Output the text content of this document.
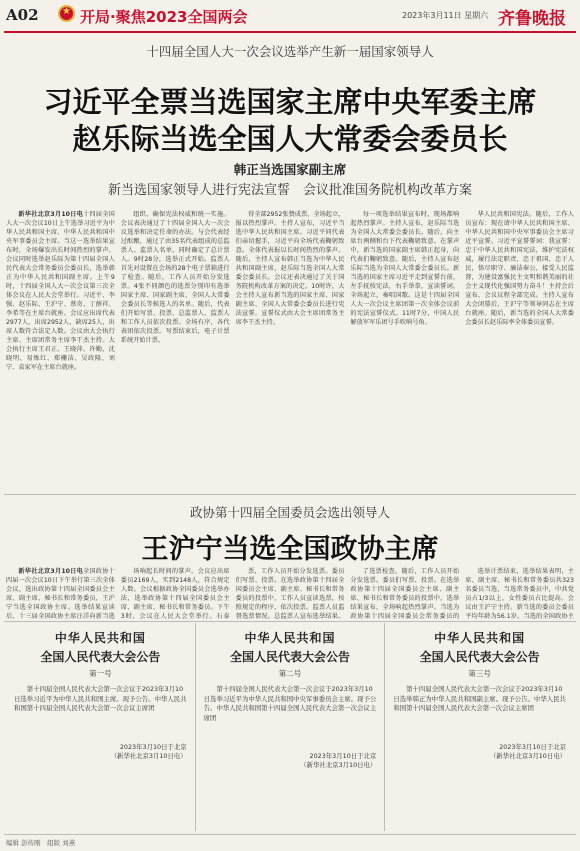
A02
★	开局·聚焦2023全国两会	2023年3月11日 星期六 齐鲁晚报
十四届全国人大一次会议选举产生新一届国家领导人
习近平全票当选国家主席中央军委主席
赵乐际当选全国人大常委会委员长
韩正当选国家副主席
新当选国家领导人进行宪法宣誓　会议批准国务院机构改革方案

新华社北京3月10日电十四届全国人大一次会议10日上午选举习近平为中华人民共和国主席、中华人民共和国中央军事委员会主席。当这一选举结果宣布时，全场爆发出长时间热烈的掌声。会议同时选举赵乐际为第十四届全国人民代表大会常务委员会委员长，选举韩正为中华人民共和国副主席。上午9时，十四届全国人大一次会议第三次全体会议在人民大会堂举行。习近平、李强、赵乐际、王沪宁、蔡奇、丁薛祥、李希等在主席台就座。会议应出席代表2977人，出席2952人，缺席25人，出席人数符合法定人数。会议由大会执行主席、主席团常务主席李干杰主持。大会执行主席王君正、王晓萍、许勤、沈晓明、易炼红、郑栅洁、吴政隆、刘宁、袁家军在主席台就座。

组织，确保宪法权威和统一实施。会议表决通过了十四届全国人大一次会议选举和决定任命的办法。与会代表经过酝酿，通过了由35名代表组成的总监票人、监票人名单，同时确定了总计票人。9时28分，选举正式开始。监票人首先对设置在会场的28个电子票箱进行了检查。随后，工作人员开始分发选票。4张不同颜色的选票分别印有选举国家主席、国家副主席、全国人大常委会委员长等候选人的名单。随后，代表们开始写票、投票，总监票人、监票人和工作人员依次投票。全场有序，各代表团依次投票。写票结束后，电子计票系统开始计票。

得全部2952张赞成票，全场起立，报以热烈掌声。主持人宣布，习近平当选中华人民共和国主席。习近平同代表们亲切握手，习近平向全场代表鞠躬致意。全体代表报以长时间热烈的掌声。随后，主持人宣布韩正当选为中华人民共和国副主席，赵乐际当选全国人大常委会委员长。会议还表决通过了关于国务院机构改革方案的决定。10时许，大会主持人宣布新当选的国家主席、国家副主席、全国人大常委会委员长进行宪法宣誓。宣誓仪式由大会主席团常务主席李干杰主持。

每一项选举结果宣布时，现场都响起热烈掌声。主持人宣布，赵乐际当选为全国人大常委会委员长。随后，向主席台两侧和台下代表鞠躬致意。在掌声中，新当选的国家副主席韩正起身，向代表们鞠躬致意。随后，主持人宣布赵乐际当选为全国人大常委会委员长。新当选的国家主席习近平走到宣誓台前，左手抚按宪法，右手举拳，宣读誓词。全场起立，奏唱国歌。这是十四届全国人大一次会议主席团第一次全体会议前的宪法宣誓仪式。11时7分，中国人民解放军军乐团号手吹响号角。

华人民共和国宪法。随后，工作人员宣布：现在请中华人民共和国主席、中华人民共和国中央军事委员会主席习近平宣誓。习近平宣誓誓词：我宣誓：忠于中华人民共和国宪法，维护宪法权威，履行法定职责，忠于祖国、忠于人民，恪尽职守、廉洁奉公，接受人民监督，为建设富强民主文明和谐美丽的社会主义现代化强国努力奋斗！主持会后宣布，会议议程全部完成。主持人宣布大会闭幕后，王沪宁等领导同志在主席台就座。随后，新当选的全国人大常委会委员长赵乐际率全体委员宣誓。

政协第十四届全国委员会选出领导人
王沪宁当选全国政协主席

新华社北京3月10日电全国政协十四届一次会议10日下午举行第三次全体会议，选出政协第十四届全国委员会主席、副主席、秘书长和常务委员，王沪宁当选全国政协主席。选举结果宣读后，十三届全国政协主席汪洋向新当选

场响起长时间的掌声。会议应出席委员2169人，实到2148人，符合规定人数。会议根据政协全国委员会选举办法，选举政协第十四届全国委员会主席、副主席、秘书长和常务委员。下午3时，会议在人民大会堂举行。石泰

票，工作人员开始分发选票。委员们写票、投票。在选举政协第十四届全国委员会主席、副主席、秘书长和常务委员的投票中，工作人员宣读选票，按照规定的程序，依次投票。监票人员监督选票情况。总监票人宣布选举结果。

了选票检查。随后，工作人员开始分发选票。委员们写票、投票。在选举政协第十四届全国委员会主席、副主席、秘书长和常务委员的投票中，选举结果宣布，全场响起热烈掌声。当选为政协第十四届全国委员会常务委员的

选举计票结束，选举结果表明，主席、副主席、秘书长和常务委员共323名委员当选，当选常务委员中，中共党员占1/3以上，女性委员占比提高。会议由王沪宁主持。新当选的委员会委员平均年龄为56.1岁。当选的全国政协主

中华人民共和国
全国人民代表大会公告
第一号
第十四届全国人民代表大会第一次会议于2023年3月10日选举习近平为中华人民共和国主席。现予公告。中华人民共和国第十四届全国人民代表大会第一次会议主席团
2023年3月10日于北京
（新华社北京3月10日电）
中华人民共和国
全国人民代表大会公告
第二号
第十四届全国人民代表大会第一次会议于2023年3月10日选举习近平为中华人民共和国中央军事委员会主席。现予公告。中华人民共和国第十四届全国人民代表大会第一次会议主席团
2023年3月10日于北京
（新华社北京3月10日电）
中华人民共和国
全国人民代表大会公告
第三号
第十四届全国人民代表大会第一次会议于2023年3月10日选举韩正为中华人民共和国副主席。现予公告。中华人民共和国第十四届全国人民代表大会第一次会议主席团
2023年3月10日于北京
（新华社北京3月10日电）
编辑 彭传刚　组版 刘燕
